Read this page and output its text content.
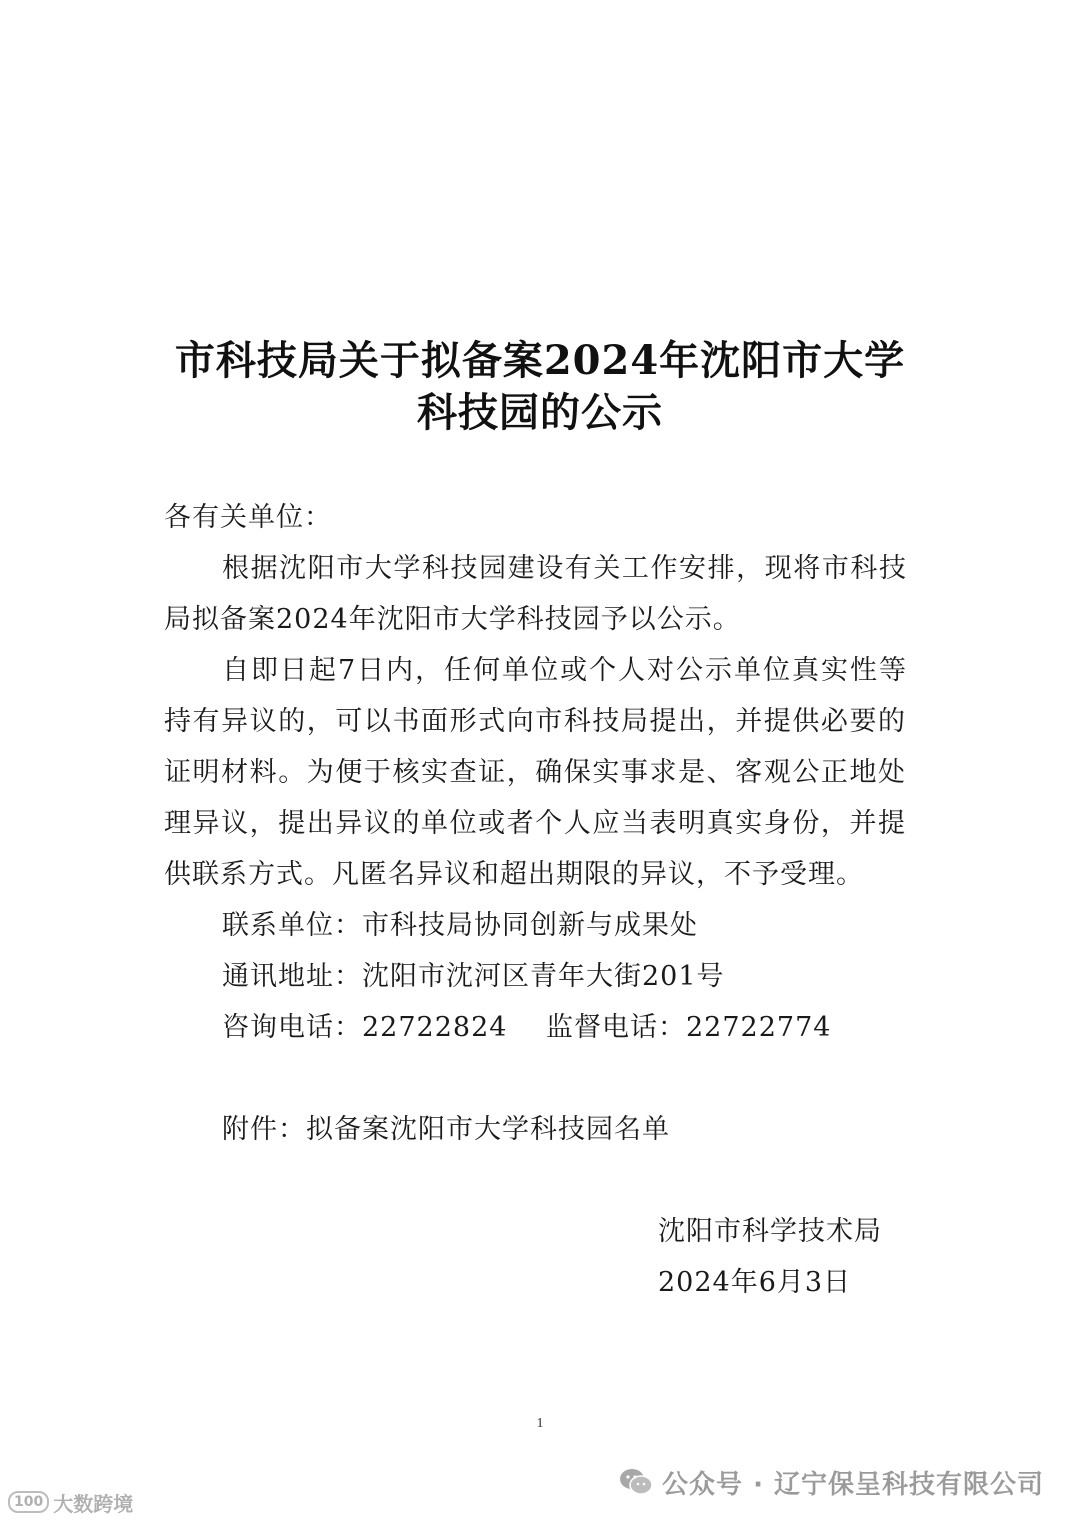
市科技局关于拟备案2024年沈阳市大学
科技园的公示
各有关单位：
根据沈阳市大学科技园建设有关工作安排，现将市科技
局拟备案2024年沈阳市大学科技园予以公示。
自即日起7日内，任何单位或个人对公示单位真实性等
持有异议的，可以书面形式向市科技局提出，并提供必要的
证明材料。为便于核实查证，确保实事求是、客观公正地处
理异议，提出异议的单位或者个人应当表明真实身份，并提
供联系方式。凡匿名异议和超出期限的异议，不予受理。
联系单位：市科技局协同创新与成果处
通讯地址：沈阳市沈河区青年大街201号
咨询电话：22722824 监督电话：22722774
附件：拟备案沈阳市大学科技园名单
沈阳市科学技术局
2024年6月3日
1
公众号 · 辽宁保呈科技有限公司
100 大数跨境
